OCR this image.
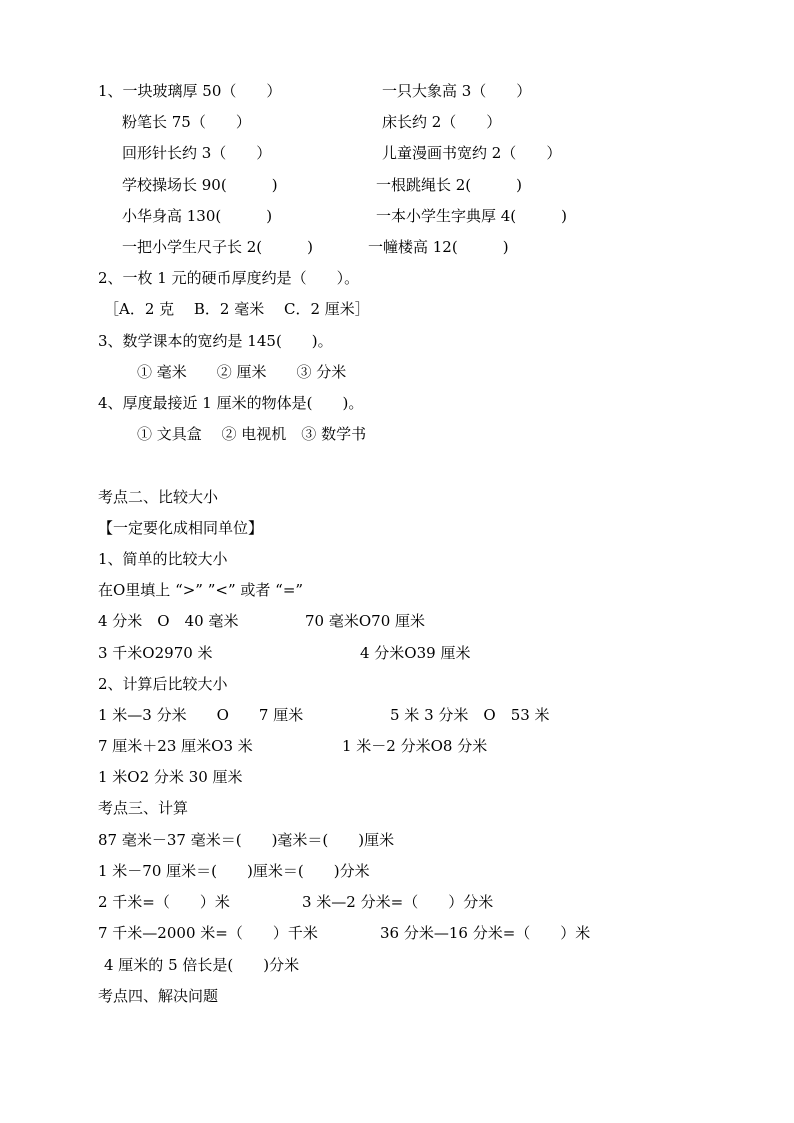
1、一块玻璃厚 50（　　）	一只大象高 3（　　）
粉笔长 75（　　）	床长约 2（　　）
回形针长约 3（　　）	儿童漫画书宽约 2（　　）
学校操场长 90(　　　)	一根跳绳长 2(　　　)
小华身高 130(　　　)	一本小学生字典厚 4(　　　)
一把小学生尺子长 2(　　　)	一幢楼高 12(　　　)
2、一枚 1 元的硬币厚度约是（　　）。
［A．2 克　 B．2 毫米　 C．2 厘米］
3、数学课本的宽约是 145(　　)。
① 毫米　　② 厘米　　③ 分米
4、厚度最接近 1 厘米的物体是(　　)。
① 文具盒　 ② 电视机　③ 数学书
考点二、比较大小
【一定要化成相同单位】
1、简单的比较大小
在O里填上 “>” ”<” 或者 “=”
4 分米　O　40 毫米	70 毫米O70 厘米
3 千米O2970 米	4 分米O39 厘米
2、计算后比较大小
1 米—3 分米　　O　　7 厘米	5 米 3 分米　O　53 米
7 厘米＋23 厘米O3 米	1 米－2 分米O8 分米
1 米O2 分米 30 厘米
考点三、计算
87 毫米－37 毫米＝(　　)毫米＝(　　)厘米
1 米－70 厘米＝(　　)厘米＝(　　)分米
2 千米=（　　）米	3 米—2 分米=（　　）分米
7 千米—2000 米=（　　）千米	36 分米—16 分米=（　　）米
4 厘米的 5 倍长是(　　)分米
考点四、解决问题
